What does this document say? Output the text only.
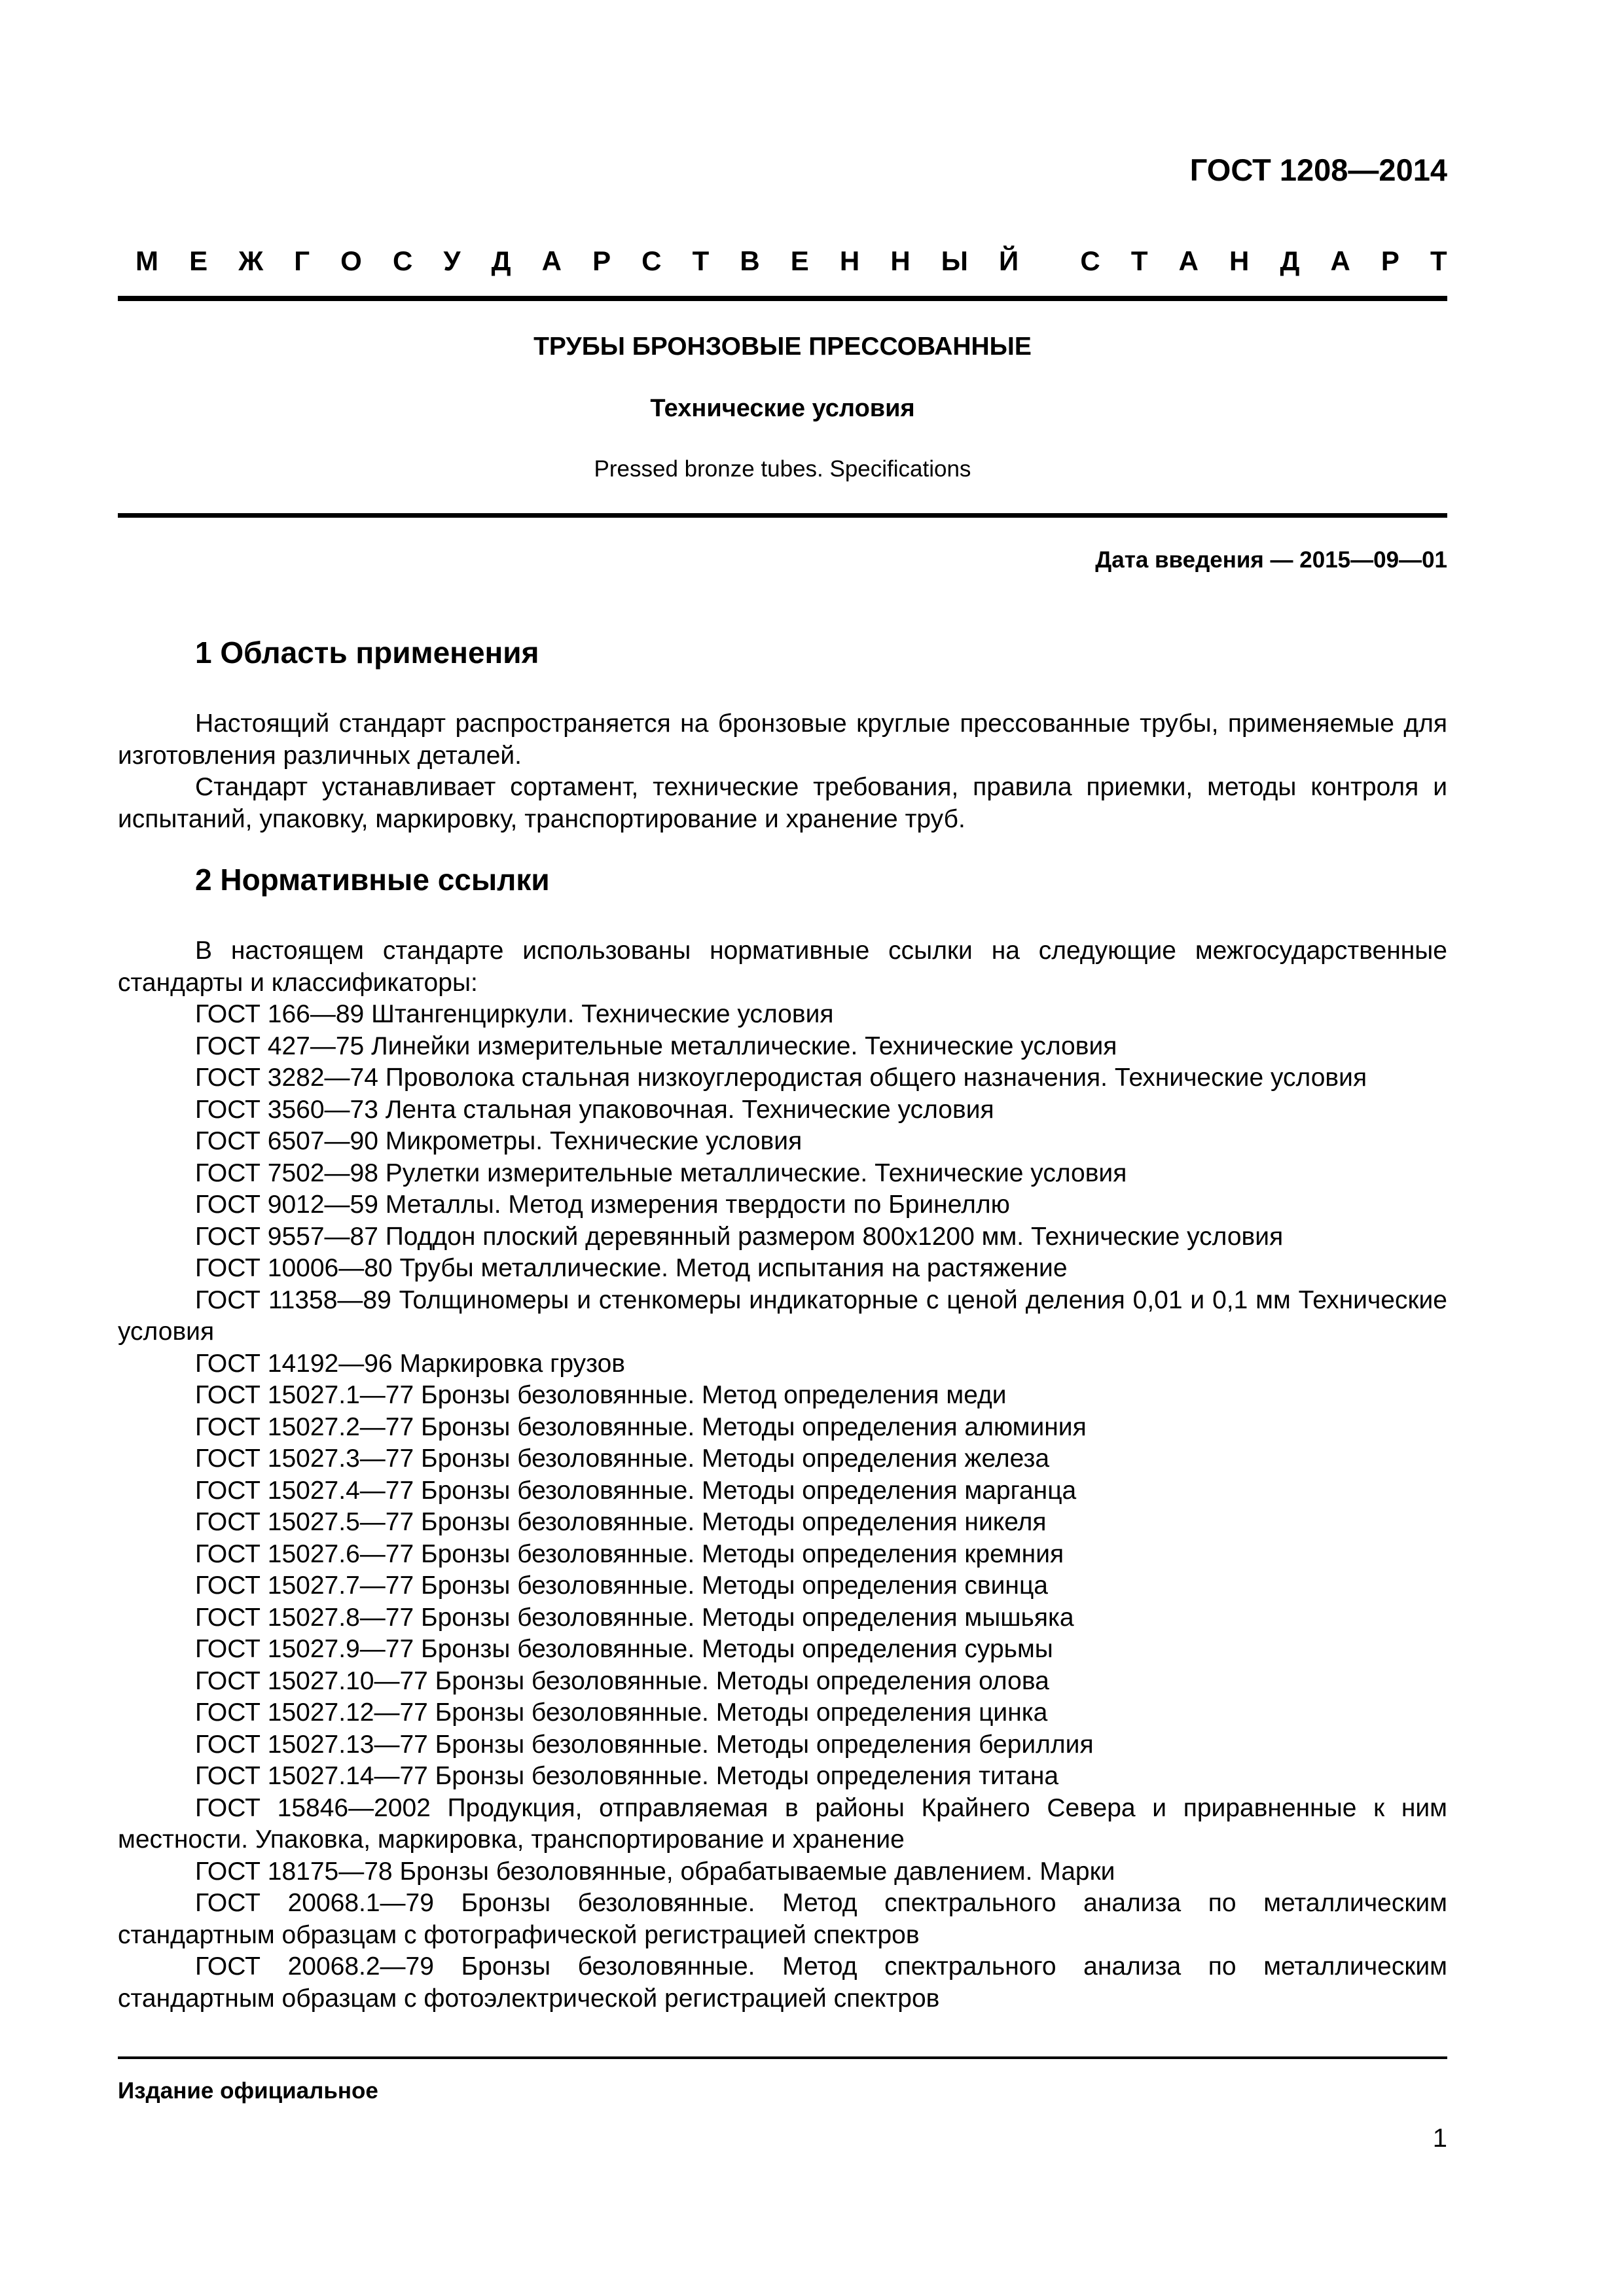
ГОСТ 1208—2014
М Е Ж Г О С У Д А Р С Т В Е Н Н Ы Й С Т А Н Д А Р Т
ТРУБЫ БРОНЗОВЫЕ ПРЕССОВАННЫЕ
Технические условия
Pressed bronze tubes. Specifications
Дата введения — 2015—09—01
1 Область применения

Настоящий стандарт распространяется на бронзовые круглые прессованные трубы, применяемые для изготовления различных деталей.

Стандарт устанавливает сортамент, технические требования, правила приемки, методы контроля и испытаний, упаковку, маркировку, транспортирование и хранение труб.

2 Нормативные ссылки

В настоящем стандарте использованы нормативные ссылки на следующие межгосударственные стандарты и классификаторы:

ГОСТ 166—89 Штангенциркули. Технические условия
ГОСТ 427—75 Линейки измерительные металлические. Технические условия
ГОСТ 3282—74 Проволока стальная низкоуглеродистая общего назначения. Технические условия
ГОСТ 3560—73 Лента стальная упаковочная. Технические условия
ГОСТ 6507—90 Микрометры. Технические условия
ГОСТ 7502—98 Рулетки измерительные металлические. Технические условия
ГОСТ 9012—59 Металлы. Метод измерения твердости по Бринеллю
ГОСТ 9557—87 Поддон плоский деревянный размером 800х1200 мм. Технические условия
ГОСТ 10006—80 Трубы металлические. Метод испытания на растяжение
ГОСТ 11358—89 Толщиномеры и стенкомеры индикаторные с ценой деления 0,01 и 0,1 мм Технические условия
ГОСТ 14192—96 Маркировка грузов
ГОСТ 15027.1—77 Бронзы безоловянные. Метод определения меди
ГОСТ 15027.2—77 Бронзы безоловянные. Методы определения алюминия
ГОСТ 15027.3—77 Бронзы безоловянные. Методы определения железа
ГОСТ 15027.4—77 Бронзы безоловянные. Методы определения марганца
ГОСТ 15027.5—77 Бронзы безоловянные. Методы определения никеля
ГОСТ 15027.6—77 Бронзы безоловянные. Методы определения кремния
ГОСТ 15027.7—77 Бронзы безоловянные. Методы определения свинца
ГОСТ 15027.8—77 Бронзы безоловянные. Методы определения мышьяка
ГОСТ 15027.9—77 Бронзы безоловянные. Методы определения сурьмы
ГОСТ 15027.10—77 Бронзы безоловянные. Методы определения олова
ГОСТ 15027.12—77 Бронзы безоловянные. Методы определения цинка
ГОСТ 15027.13—77 Бронзы безоловянные. Методы определения бериллия
ГОСТ 15027.14—77 Бронзы безоловянные. Методы определения титана
ГОСТ 15846—2002 Продукция, отправляемая в районы Крайнего Севера и приравненные к ним местности. Упаковка, маркировка, транспортирование и хранение
ГОСТ 18175—78 Бронзы безоловянные, обрабатываемые давлением. Марки
ГОСТ 20068.1—79 Бронзы безоловянные. Метод спектрального анализа по металлическим стандартным образцам с фотографической регистрацией спектров
ГОСТ 20068.2—79 Бронзы безоловянные. Метод спектрального анализа по металлическим стандартным образцам с фотоэлектрической регистрацией спектров
Издание официальное
1
